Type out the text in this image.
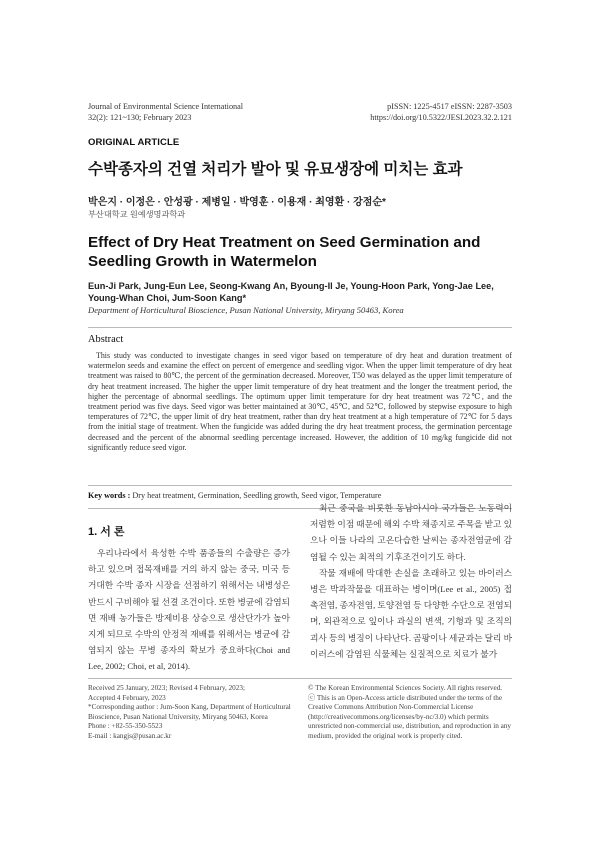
Journal of Environmental Science International
32(2): 121~130; February 2023
pISSN: 1225-4517 eISSN: 2287-3503
https://doi.org/10.5322/JESI.2023.32.2.121
ORIGINAL ARTICLE
수박종자의 건열 처리가 발아 및 유묘생장에 미치는 효과
박은지 · 이정은 · 안성광 · 제병일 · 박영훈 · 이용재 · 최영환 · 강점순*
부산대학교 원예생명과학과
Effect of Dry Heat Treatment on Seed Germination and Seedling Growth in Watermelon
Eun-Ji Park, Jung-Eun Lee, Seong-Kwang An, Byoung-Il Je, Young-Hoon Park, Yong-Jae Lee, Young-Whan Choi, Jum-Soon Kang*
Department of Horticultural Bioscience, Pusan National University, Miryang 50463, Korea
Abstract
This study was conducted to investigate changes in seed vigor based on temperature of dry heat and duration treatment of watermelon seeds and examine the effect on percent of emergence and seedling vigor. When the upper limit temperature of dry heat treatment was raised to 80℃, the percent of the germination decreased. Moreover, T50 was delayed as the upper limit temperature of dry heat treatment increased. The higher the upper limit temperature of dry heat treatment and the longer the treatment period, the higher the percentage of abnormal seedlings. The optimum upper limit temperature for dry heat treatment was 72℃, and the treatment period was five days. Seed vigor was better maintained at 30℃, 45℃, and 52℃, followed by stepwise exposure to high temperatures of 72℃, the upper limit of dry heat treatment, rather than dry heat treatment at a high temperature of 72℃ for 5 days from the initial stage of treatment. When the fungicide was added during the dry heat treatment process, the germination percentage decreased and the percent of the abnormal seedling percentage increased. However, the addition of 10 mg/kg fungicide did not significantly reduce seed vigor.
Key words : Dry heat treatment, Germination, Seedling growth, Seed vigor, Temperature
1. 서 론

우리나라에서 육성한 수박 품종들의 수출량은 증가하고 있으며 접목재배를 거의 하지 않는 중국, 미국 등 거대한 수박 종자 시장을 선점하기 위해서는 내병성은 반드시 구비해야 될 선결 조건이다. 또한 병균에 감염되면 재배 농가들은 방제비용 상승으로 생산단가가 높아지게 되므로 수박의 안정적 재배를 위해서는 병균에 감염되지 않는 무병 종자의 확보가 중요하다(Choi and Lee, 2002; Choi, et al, 2014).

최근 중국을 비롯한 동남아시아 국가들은 노동력이 저렴한 이점 때문에 해외 수박 채종지로 주목을 받고 있으나 이들 나라의 고온다습한 날씨는 종자전염균에 감염될 수 있는 최적의 기후조건이기도 하다.

작물 재배에 막대한 손실을 초래하고 있는 바이러스병은 박과작물을 대표하는 병이며(Lee et al., 2005) 접촉전염, 종자전염, 토양전염 등 다양한 수단으로 전염되며, 외관적으로 잎이나 과실의 변색, 기형과 및 조직의 괴사 등의 병징이 나타난다. 곰팡이나 세균과는 달리 바이러스에 감염된 식물체는 실질적으로 치료가 불가

Received 25 January, 2023; Revised 4 February, 2023;
Accepted 4 February, 2023
*Corresponding author : Jum-Soon Kang, Department of Horticultural Bioscience, Pusan National University, Miryang 50463, Korea
Phone : +82-55-350-5523
E-mail : kangjs@pusan.ac.kr
© The Korean Environmental Sciences Society. All rights reserved.
ⓒ This is an Open-Access article distributed under the terms of the Creative Commons Attribution Non-Commercial License (http://creativecommons.org/licenses/by-nc/3.0) which permits unrestricted non-commercial use, distribution, and reproduction in any medium, provided the original work is properly cited.
